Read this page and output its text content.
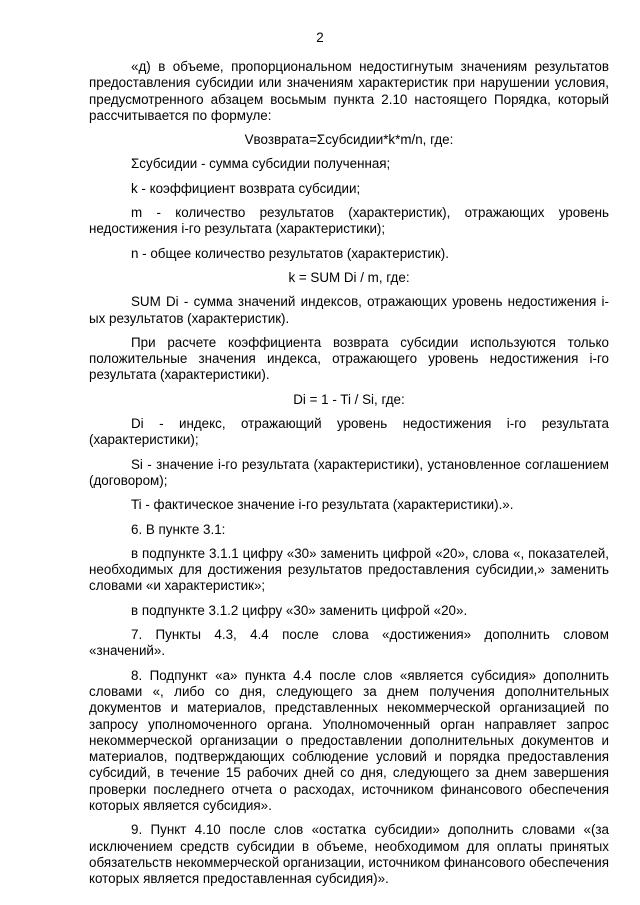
2
«д) в объеме, пропорциональном недостигнутым значениям результатов предоставления субсидии или значениям характеристик при нарушении условия, предусмотренного абзацем восьмым пункта 2.10 настоящего Порядка, который рассчитывается по формуле:
Vвозврата=Σсубсидии*k*m/n, где:
Σсубсидии - сумма субсидии полученная;
k - коэффициент возврата субсидии;
m - количество результатов (характеристик), отражающих уровень недостижения i-го результата (характеристики);
n - общее количество результатов (характеристик).
k = SUM Di / m, где:
SUM Di - сумма значений индексов, отражающих уровень недостижения i-ых результатов (характеристик).
При расчете коэффициента возврата субсидии используются только положительные значения индекса, отражающего уровень недостижения i-го результата (характеристики).
Di = 1 - Ti / Si, где:
Di - индекс, отражающий уровень недостижения i-го результата (характеристики);
Si - значение i-го результата (характеристики), установленное соглашением (договором);
Ti - фактическое значение i-го результата (характеристики).».
6. В пункте 3.1:
в подпункте 3.1.1 цифру «30» заменить цифрой «20», слова «, показателей, необходимых для достижения результатов предоставления субсидии,» заменить словами «и характеристик»;
в подпункте 3.1.2 цифру «30» заменить цифрой «20».
7. Пункты 4.3, 4.4 после слова «достижения» дополнить словом «значений».
8. Подпункт «а» пункта 4.4 после слов «является субсидия» дополнить словами «, либо со дня, следующего за днем получения дополнительных документов и материалов, представленных некоммерческой организацией по запросу уполномоченного органа. Уполномоченный орган направляет запрос некоммерческой организации о предоставлении дополнительных документов и материалов, подтверждающих соблюдение условий и порядка предоставления субсидий, в течение 15 рабочих дней со дня, следующего за днем завершения проверки последнего отчета о расходах, источником финансового обеспечения которых является субсидия».
9. Пункт 4.10 после слов «остатка субсидии» дополнить словами «(за исключением средств субсидии в объеме, необходимом для оплаты принятых обязательств некоммерческой организации, источником финансового обеспечения которых является предоставленная субсидия)».
